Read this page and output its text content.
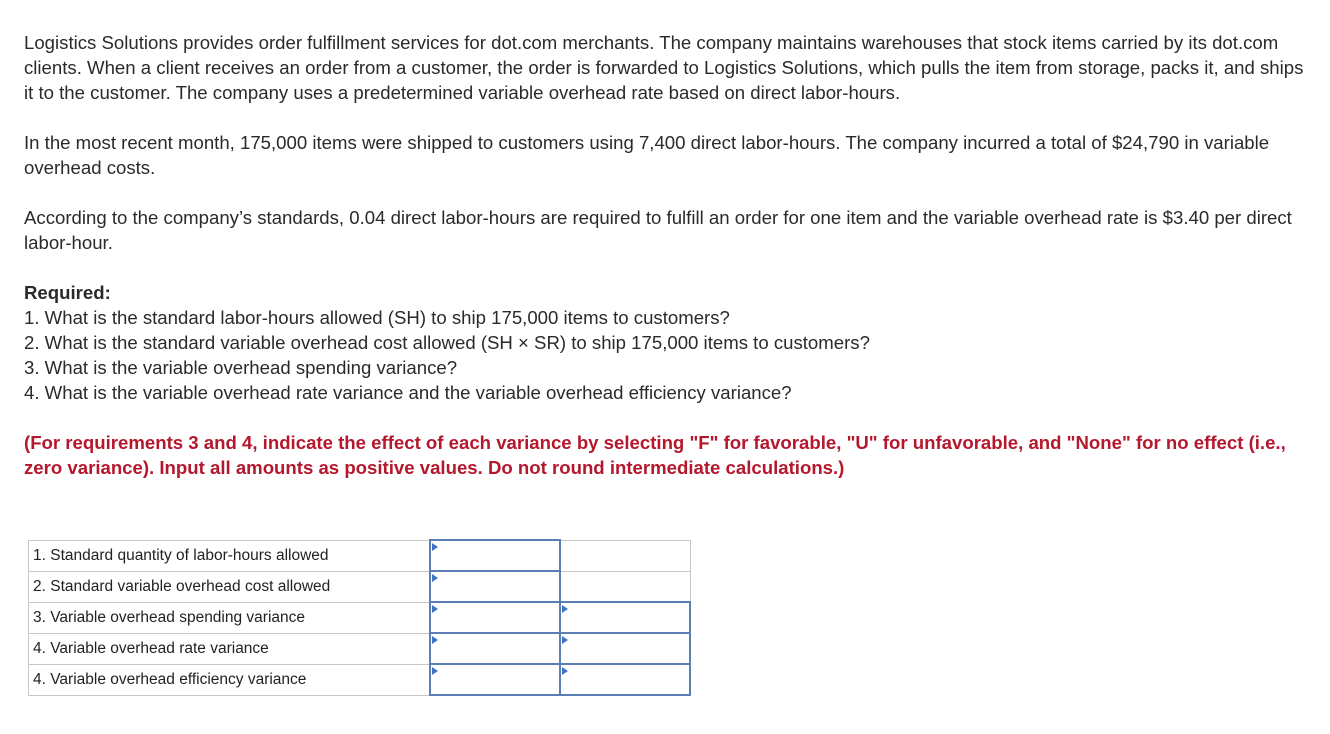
Logistics Solutions provides order fulfillment services for dot.com merchants. The company maintains warehouses that stock items carried by its dot.com clients. When a client receives an order from a customer, the order is forwarded to Logistics Solutions, which pulls the item from storage, packs it, and ships it to the customer. The company uses a predetermined variable overhead rate based on direct labor-hours.

In the most recent month, 175,000 items were shipped to customers using 7,400 direct labor-hours. The company incurred a total of $24,790 in variable overhead costs.

According to the company’s standards, 0.04 direct labor-hours are required to fulfill an order for one item and the variable overhead rate is $3.40 per direct labor-hour.

Required:

1. What is the standard labor-hours allowed (SH) to ship 175,000 items to customers?
2. What is the standard variable overhead cost allowed (SH × SR) to ship 175,000 items to customers?
3. What is the variable overhead spending variance?
4. What is the variable overhead rate variance and the variable overhead efficiency variance?

(For requirements 3 and 4, indicate the effect of each variance by selecting "F" for favorable, "U" for unfavorable, and "None" for no effect (i.e., zero variance). Input all amounts as positive values. Do not round intermediate calculations.)

1. Standard quantity of labor-hours allowed	

2. Standard variable overhead cost allowed	

3. Variable overhead spending variance	

4. Variable overhead rate variance	

4. Variable overhead efficiency variance	
